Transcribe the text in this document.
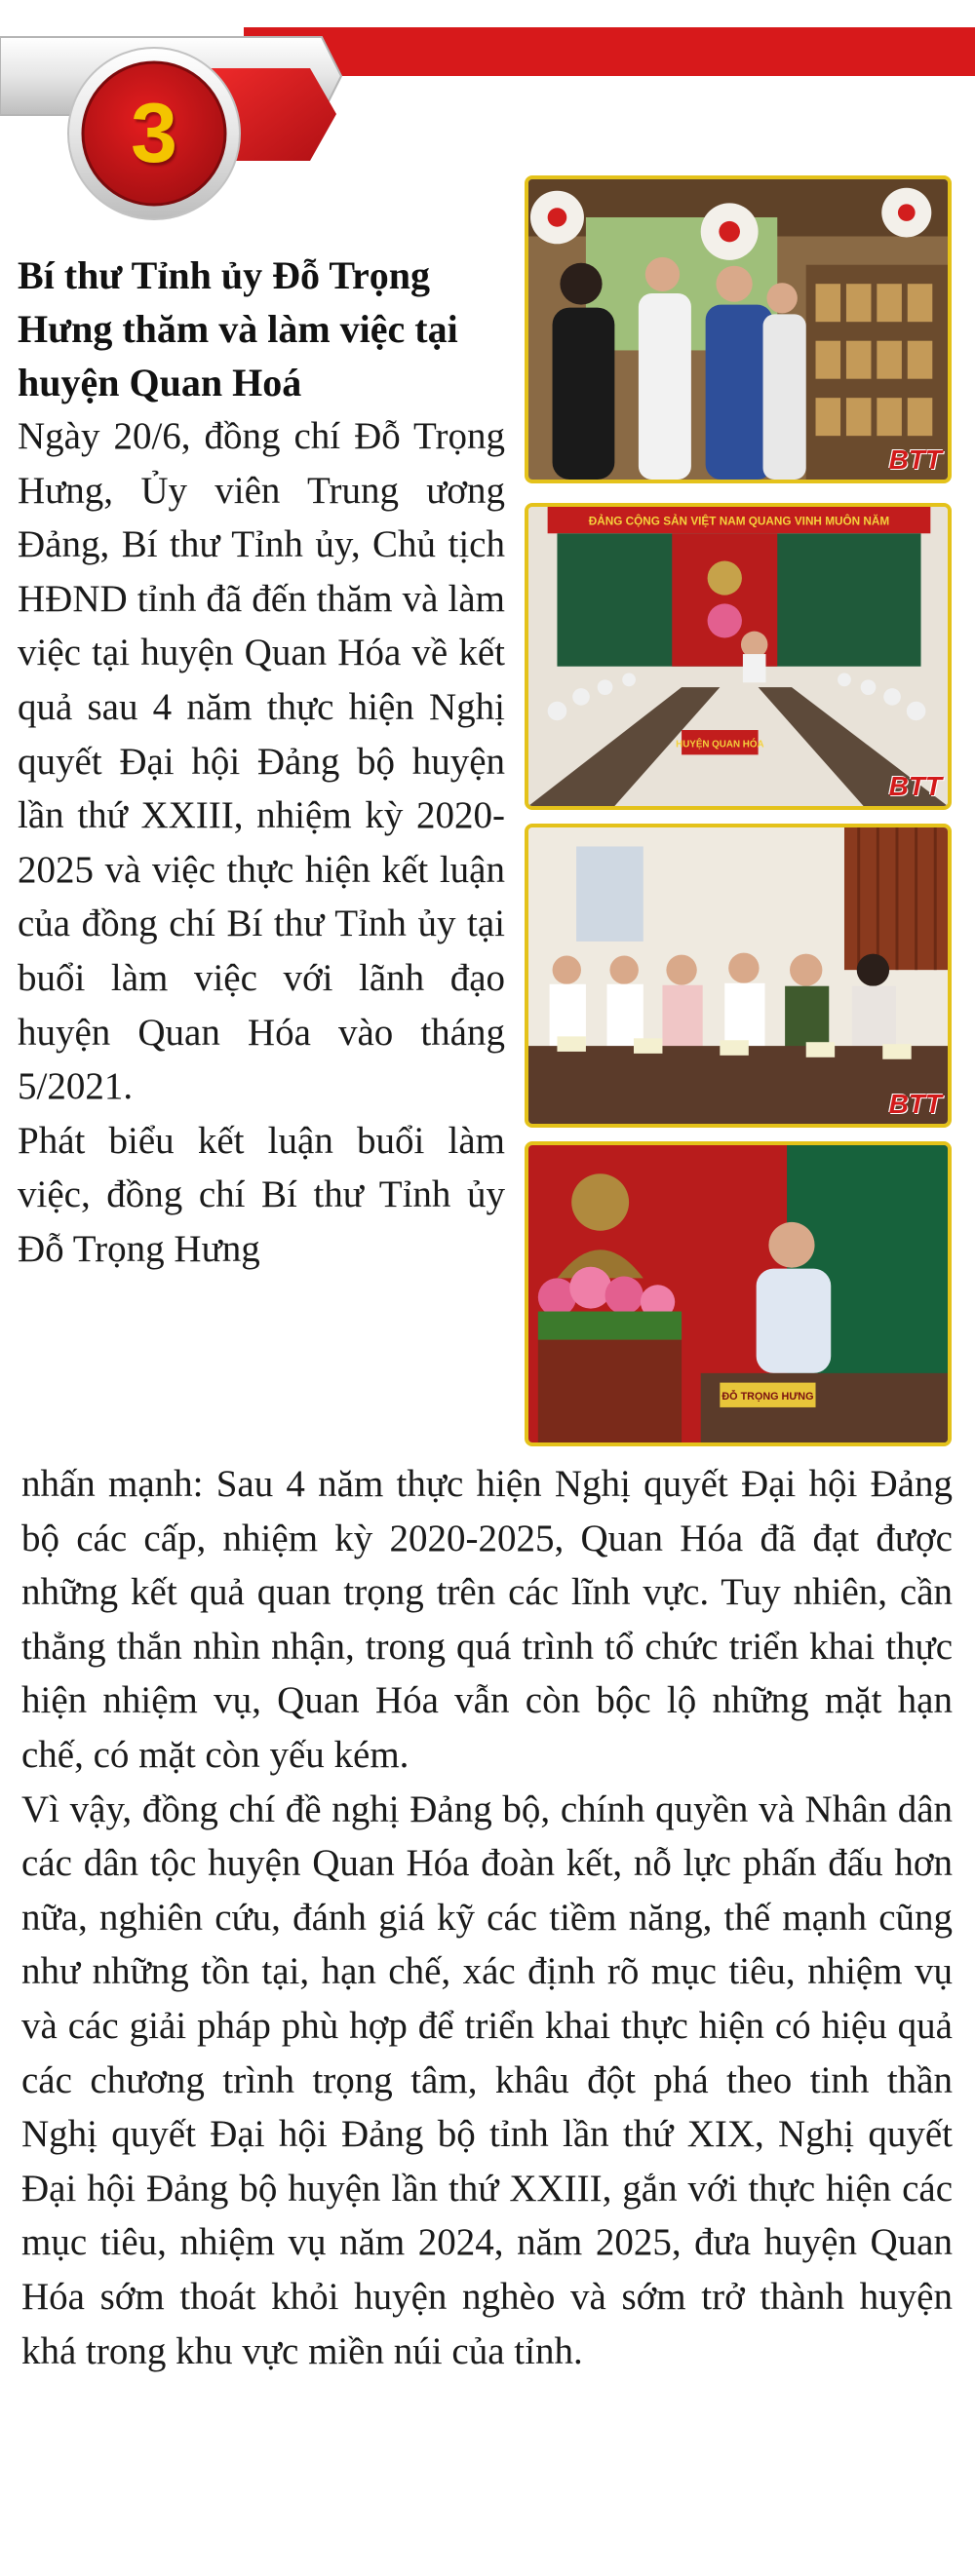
3
Bí thư Tỉnh ủy Đỗ Trọng Hưng thăm và làm việc tại huyện Quan Hoá

Ngày 20/6, đồng chí Đỗ Trọng Hưng, Ủy viên Trung ương Đảng, Bí thư Tỉnh ủy, Chủ tịch HĐND tỉnh đã đến thăm và làm việc tại huyện Quan Hóa về kết quả sau 4 năm thực hiện Nghị quyết Đại hội Đảng bộ huyện lần thứ XXIII, nhiệm kỳ 2020-2025 và việc thực hiện kết luận của đồng chí Bí thư Tỉnh ủy tại buổi làm việc với lãnh đạo huyện Quan Hóa vào tháng 5/2021.

Phát biểu kết luận buổi làm việc, đồng chí Bí thư Tỉnh ủy Đỗ Trọng Hưng

BTT
ĐẢNG CỘNG SẢN VIỆT NAM QUANG VINH MUÔN NĂM
HUYỆN QUAN HÓA
BTT
BTT
ĐỖ TRỌNG HƯNG

nhấn mạnh: Sau 4 năm thực hiện Nghị quyết Đại hội Đảng bộ các cấp, nhiệm kỳ 2020-2025, Quan Hóa đã đạt được những kết quả quan trọng trên các lĩnh vực. Tuy nhiên, cần thẳng thắn nhìn nhận, trong quá trình tổ chức triển khai thực hiện nhiệm vụ, Quan Hóa vẫn còn bộc lộ những mặt hạn chế, có mặt còn yếu kém.

Vì vậy, đồng chí đề nghị Đảng bộ, chính quyền và Nhân dân các dân tộc huyện Quan Hóa đoàn kết, nỗ lực phấn đấu hơn nữa, nghiên cứu, đánh giá kỹ các tiềm năng, thế mạnh cũng như những tồn tại, hạn chế, xác định rõ mục tiêu, nhiệm vụ và các giải pháp phù hợp để triển khai thực hiện có hiệu quả các chương trình trọng tâm, khâu đột phá theo tinh thần Nghị quyết Đại hội Đảng bộ tỉnh lần thứ XIX, Nghị quyết Đại hội Đảng bộ huyện lần thứ XXIII, gắn với thực hiện các mục tiêu, nhiệm vụ năm 2024, năm 2025, đưa huyện Quan Hóa sớm thoát khỏi huyện nghèo và sớm trở thành huyện khá trong khu vực miền núi của tỉnh.
